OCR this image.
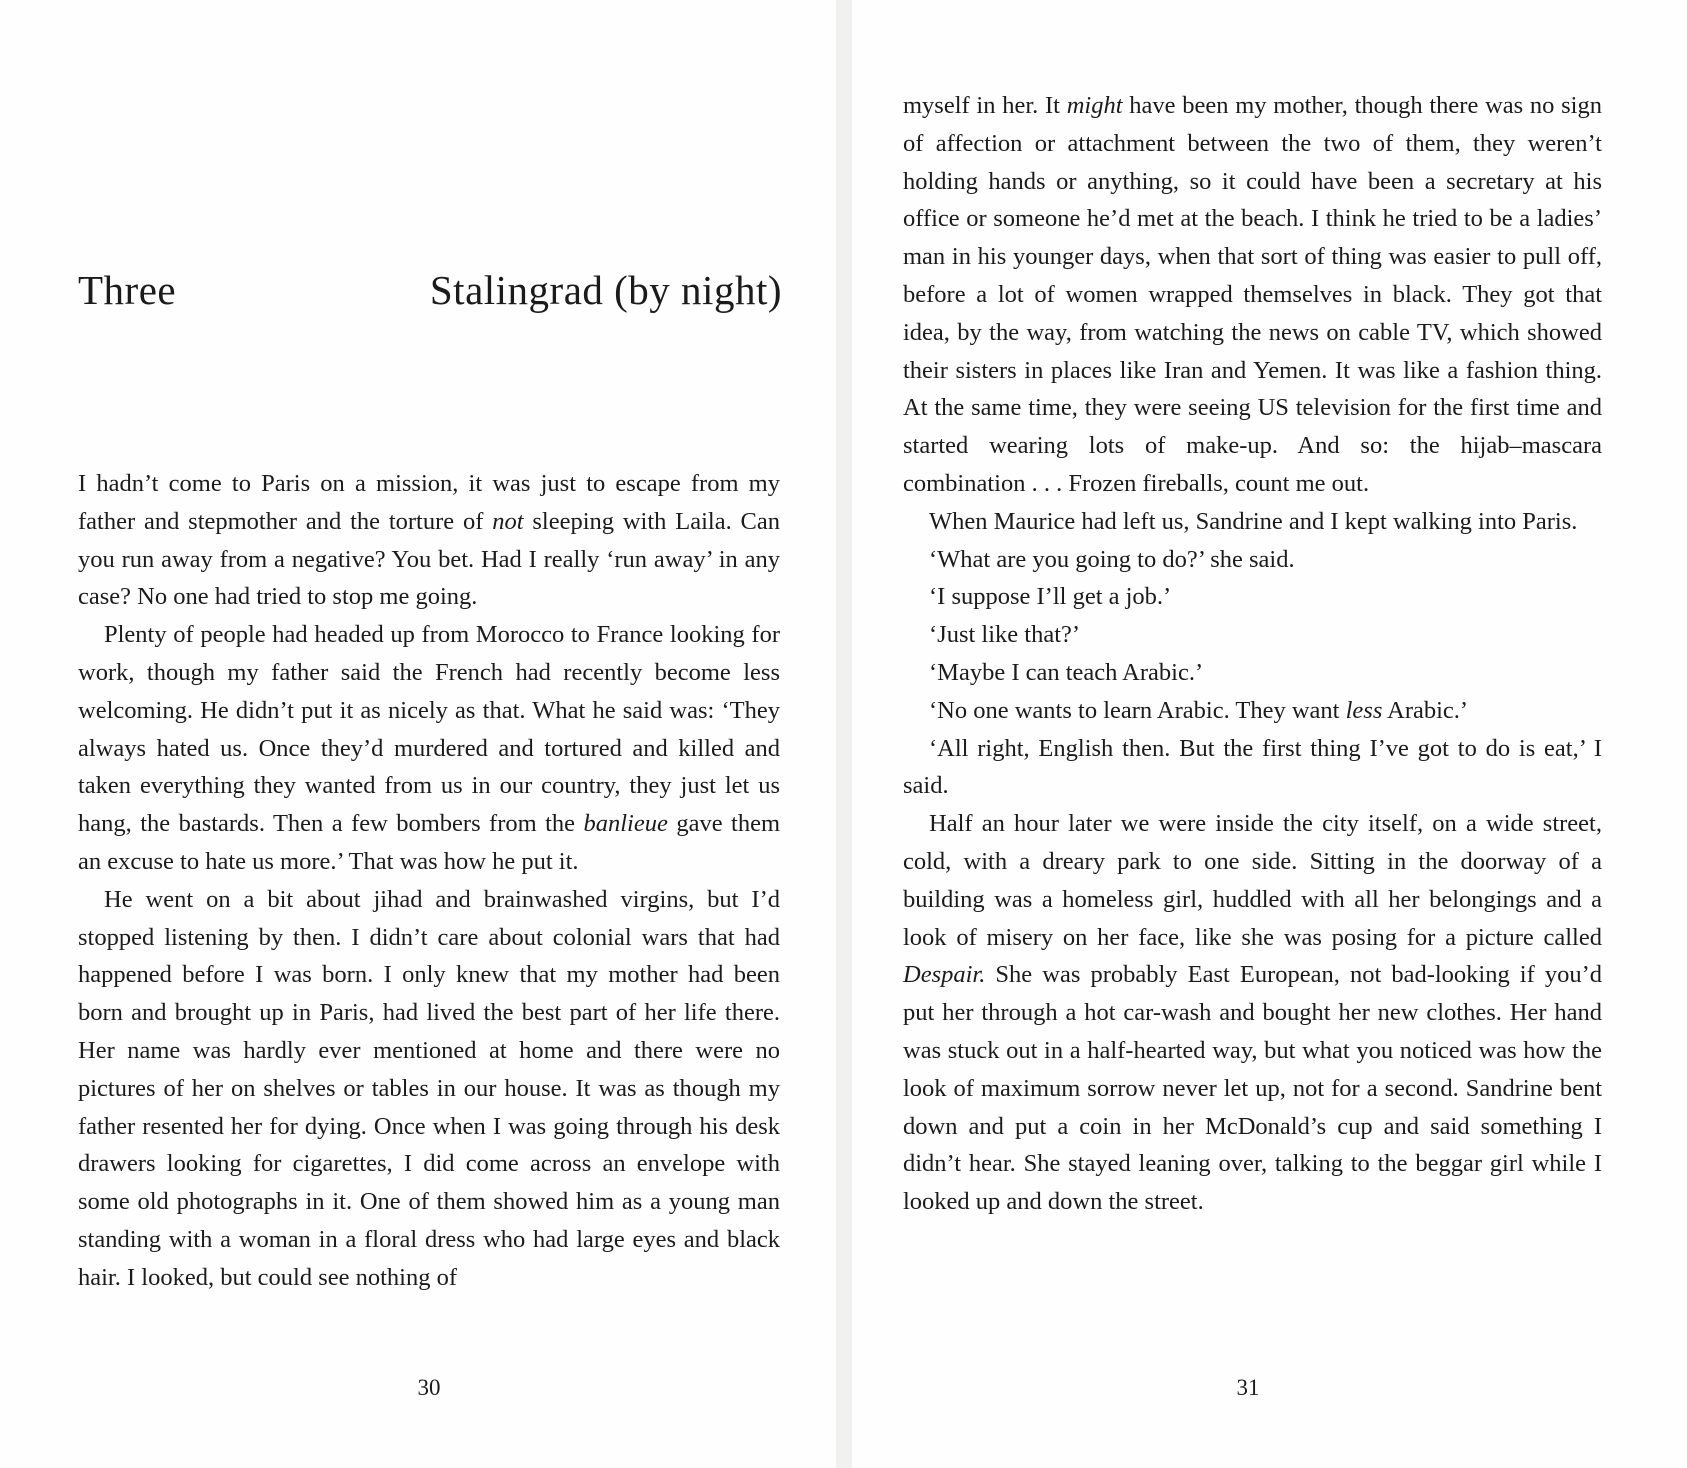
Three	Stalingrad (by night)

I hadn’t come to Paris on a mission, it was just to escape from my father and stepmother and the torture of not sleeping with Laila. Can you run away from a negative? You bet. Had I really ‘run away’ in any case? No one had tried to stop me going.

Plenty of people had headed up from Morocco to France looking for work, though my father said the French had recently become less welcoming. He didn’t put it as nicely as that. What he said was: ‘They always hated us. Once they’d murdered and tortured and killed and taken everything they wanted from us in our country, they just let us hang, the bastards. Then a few bombers from the banlieue gave them an excuse to hate us more.’ That was how he put it.

He went on a bit about jihad and brainwashed virgins, but I’d stopped listening by then. I didn’t care about colonial wars that had happened before I was born. I only knew that my mother had been born and brought up in Paris, had lived the best part of her life there. Her name was hardly ever mentioned at home and there were no pictures of her on shelves or tables in our house. It was as though my father resented her for dying. Once when I was going through his desk drawers looking for cigarettes, I did come across an envelope with some old photographs in it. One of them showed him as a young man standing with a woman in a floral dress who had large eyes and black hair. I looked, but could see nothing of

30

myself in her. It might have been my mother, though there was no sign of affection or attachment between the two of them, they weren’t holding hands or anything, so it could have been a secretary at his office or someone he’d met at the beach. I think he tried to be a ladies’ man in his younger days, when that sort of thing was easier to pull off, before a lot of women wrapped themselves in black. They got that idea, by the way, from watching the news on cable TV, which showed their sisters in places like Iran and Yemen. It was like a fashion thing. At the same time, they were seeing US television for the first time and started wearing lots of make-up. And so: the hijab–mascara combination . . . Frozen fireballs, count me out.

When Maurice had left us, Sandrine and I kept walking into Paris.

‘What are you going to do?’ she said.

‘I suppose I’ll get a job.’

‘Just like that?’

‘Maybe I can teach Arabic.’

‘No one wants to learn Arabic. They want less Arabic.’

‘All right, English then. But the first thing I’ve got to do is eat,’ I said.

Half an hour later we were inside the city itself, on a wide street, cold, with a dreary park to one side. Sitting in the doorway of a building was a homeless girl, huddled with all her belongings and a look of misery on her face, like she was posing for a picture called Despair. She was probably East European, not bad-looking if you’d put her through a hot car-wash and bought her new clothes. Her hand was stuck out in a half-hearted way, but what you noticed was how the look of maximum sorrow never let up, not for a second. Sandrine bent down and put a coin in her McDonald’s cup and said something I didn’t hear. She stayed leaning over, talking to the beggar girl while I looked up and down the street.

31
